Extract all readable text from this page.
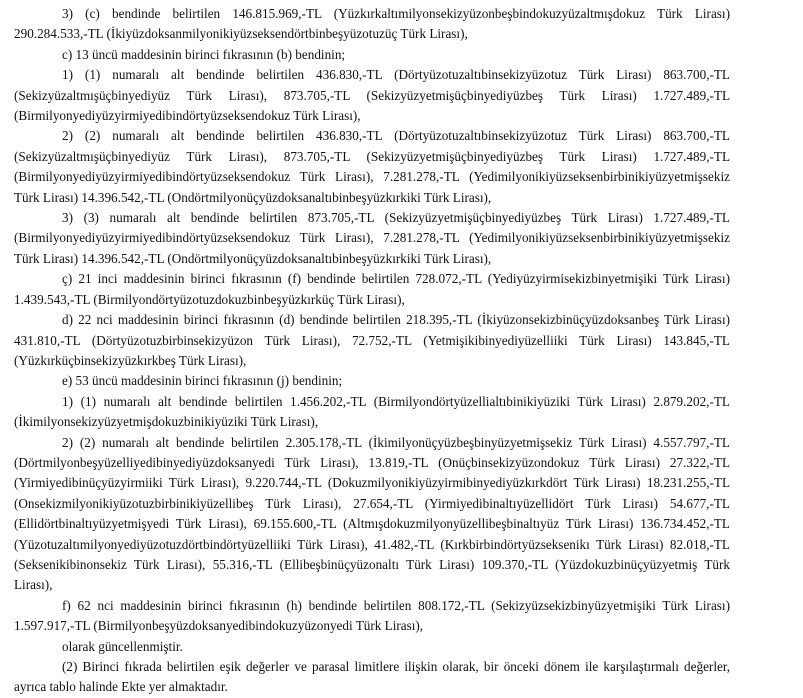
3) (c) bendinde belirtilen 146.815.969,-TL (Yüzkırkaltımilyonsekizyüzonbeşbindokuzyüzaltmışdokuz Türk Lirası) 290.284.533,-TL (İkiyüzdoksanmilyonikiyüzseksendörtbinbeşyüzotuzüç Türk Lirası),

c) 13 üncü maddesinin birinci fıkrasının (b) bendinin;

1) (1) numaralı alt bendinde belirtilen 436.830,-TL (Dörtyüzotuzaltıbinsekizyüzotuz Türk Lirası) 863.700,-TL (Sekizyüzaltmışüçbinyediyüz Türk Lirası), 873.705,-TL (Sekizyüzyetmişüçbinyediyüzbeş Türk Lirası) 1.727.489,-TL (Birmilyonyediyüzyirmiyedibindörtyüzseksendokuz Türk Lirası),

2) (2) numaralı alt bendinde belirtilen 436.830,-TL (Dörtyüzotuzaltıbinsekizyüzotuz Türk Lirası) 863.700,-TL (Sekizyüzaltmışüçbinyediyüz Türk Lirası), 873.705,-TL (Sekizyüzyetmişüçbinyediyüzbeş Türk Lirası) 1.727.489,-TL (Birmilyonyediyüzyirmiyedibindörtyüzseksendokuz Türk Lirası), 7.281.278,-TL (Yedimilyonikiyüzseksenbirbinikiyüzyetmişsekiz Türk Lirası) 14.396.542,-TL (Ondörtmilyonüçyüzdoksanaltıbinbeşyüzkırkiki Türk Lirası),

3) (3) numaralı alt bendinde belirtilen 873.705,-TL (Sekizyüzyetmişüçbinyediyüzbeş Türk Lirası) 1.727.489,-TL (Birmilyonyediyüzyirmiyedibindörtyüzseksendokuz Türk Lirası), 7.281.278,-TL (Yedimilyonikiyüzseksenbirbinikiyüzyetmişsekiz Türk Lirası) 14.396.542,-TL (Ondörtmilyonüçyüzdoksanaltıbinbeşyüzkırkiki Türk Lirası),

ç) 21 inci maddesinin birinci fıkrasının (f) bendinde belirtilen 728.072,-TL (Yediyüzyirmisekizbinyetmişiki Türk Lirası) 1.439.543,-TL (Birmilyondörtyüzotuzdokuzbinbeşyüzkırküç Türk Lirası),

d) 22 nci maddesinin birinci fıkrasının (d) bendinde belirtilen 218.395,-TL (İkiyüzonsekizbinüçyüzdoksanbeş Türk Lirası) 431.810,-TL (Dörtyüzotuzbirbinsekizyüzon Türk Lirası), 72.752,-TL (Yetmişikibinyediyüzelliiki Türk Lirası) 143.845,-TL (Yüzkırküçbinsekizyüzkırkbeş Türk Lirası),

e) 53 üncü maddesinin birinci fıkrasının (j) bendinin;

1) (1) numaralı alt bendinde belirtilen 1.456.202,-TL (Birmilyondörtyüzellialtıbinikiyüziki Türk Lirası) 2.879.202,-TL (İkimilyonsekizyüzyetmişdokuzbinikiyüziki Türk Lirası),

2) (2) numaralı alt bendinde belirtilen 2.305.178,-TL (İkimilyonüçyüzbeşbinyüzyetmişsekiz Türk Lirası) 4.557.797,-TL (Dörtmilyonbeşyüzelliyedibinyediyüzdoksanyedi Türk Lirası), 13.819,-TL (Onüçbinsekizyüzondokuz Türk Lirası) 27.322,-TL (Yirmiyedibinüçyüzyirmiiki Türk Lirası), 9.220.744,-TL (Dokuzmilyonikiyüzyirmibinyediyüzkırkdört Türk Lirası) 18.231.255,-TL (Onsekizmilyonikiyüzotuzbirbinikiyüzellibeş Türk Lirası), 27.654,-TL (Yirmiyedibinaltıyüzellidört Türk Lirası) 54.677,-TL (Ellidörtbinaltıyüzyetmişyedi Türk Lirası), 69.155.600,-TL (Altmışdokuzmilyonyüzellibeşbinaltıyüz Türk Lirası) 136.734.452,-TL (Yüzotuzaltımilyonyediyüzotuzdörtbindörtyüzelliiki Türk Lirası), 41.482,-TL (Kırkbirbindörtyüzseksenikı Türk Lirası) 82.018,-TL (Seksenikibinonsekiz Türk Lirası), 55.316,-TL (Ellibeşbinüçyüzonaltı Türk Lirası) 109.370,-TL (Yüzdokuzbinüçyüzyetmiş Türk Lirası),

f) 62 nci maddesinin birinci fıkrasının (h) bendinde belirtilen 808.172,-TL (Sekizyüzsekizbinyüzyetmişiki Türk Lirası) 1.597.917,-TL (Birmilyonbeşyüzdoksanyedibindokuzyüzonyedi Türk Lirası),

olarak güncellenmiştir.

(2) Birinci fıkrada belirtilen eşik değerler ve parasal limitlere ilişkin olarak, bir önceki dönem ile karşılaştırmalı değerler, ayrıca tablo halinde Ekte yer almaktadır.
